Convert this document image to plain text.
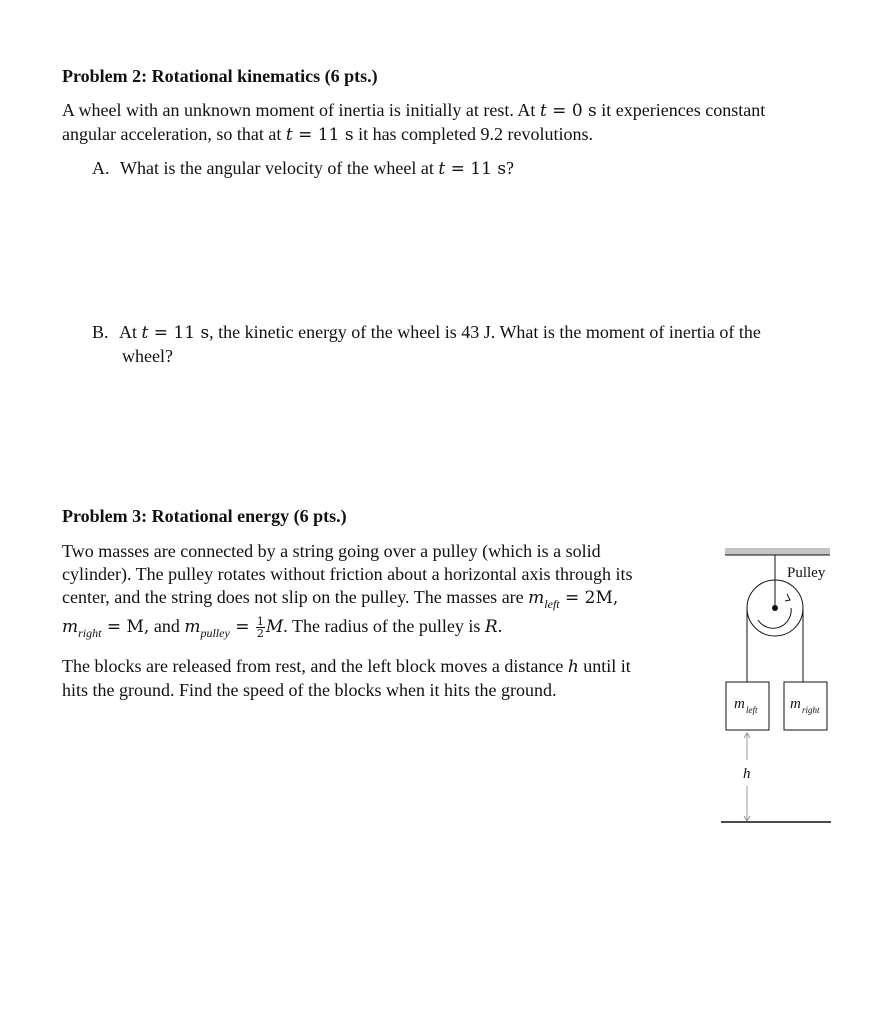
Problem 2: Rotational kinematics (6 pts.)
A wheel with an unknown moment of inertia is initially at rest. At t = 0 s it experiences constant
angular acceleration, so that at t = 11 s it has completed 9.2 revolutions.
A. What is the angular velocity of the wheel at t = 11 s?
B. At t = 11 s, the kinetic energy of the wheel is 43 J. What is the moment of inertia of the
wheel?
Problem 3: Rotational energy (6 pts.)
Two masses are connected by a string going over a pulley (which is a solid
cylinder). The pulley rotates without friction about a horizontal axis through its
center, and the string does not slip on the pulley. The masses are $m_{left} = 2M$,
$m_{right} = M$, and $m_{pulley} = \frac{1}{2} M$. The radius of the pulley is R.
The blocks are released from rest, and the left block moves a distance h until it
hits the ground. Find the speed of the blocks when it hits the ground.
Pulley
m left m right
h
